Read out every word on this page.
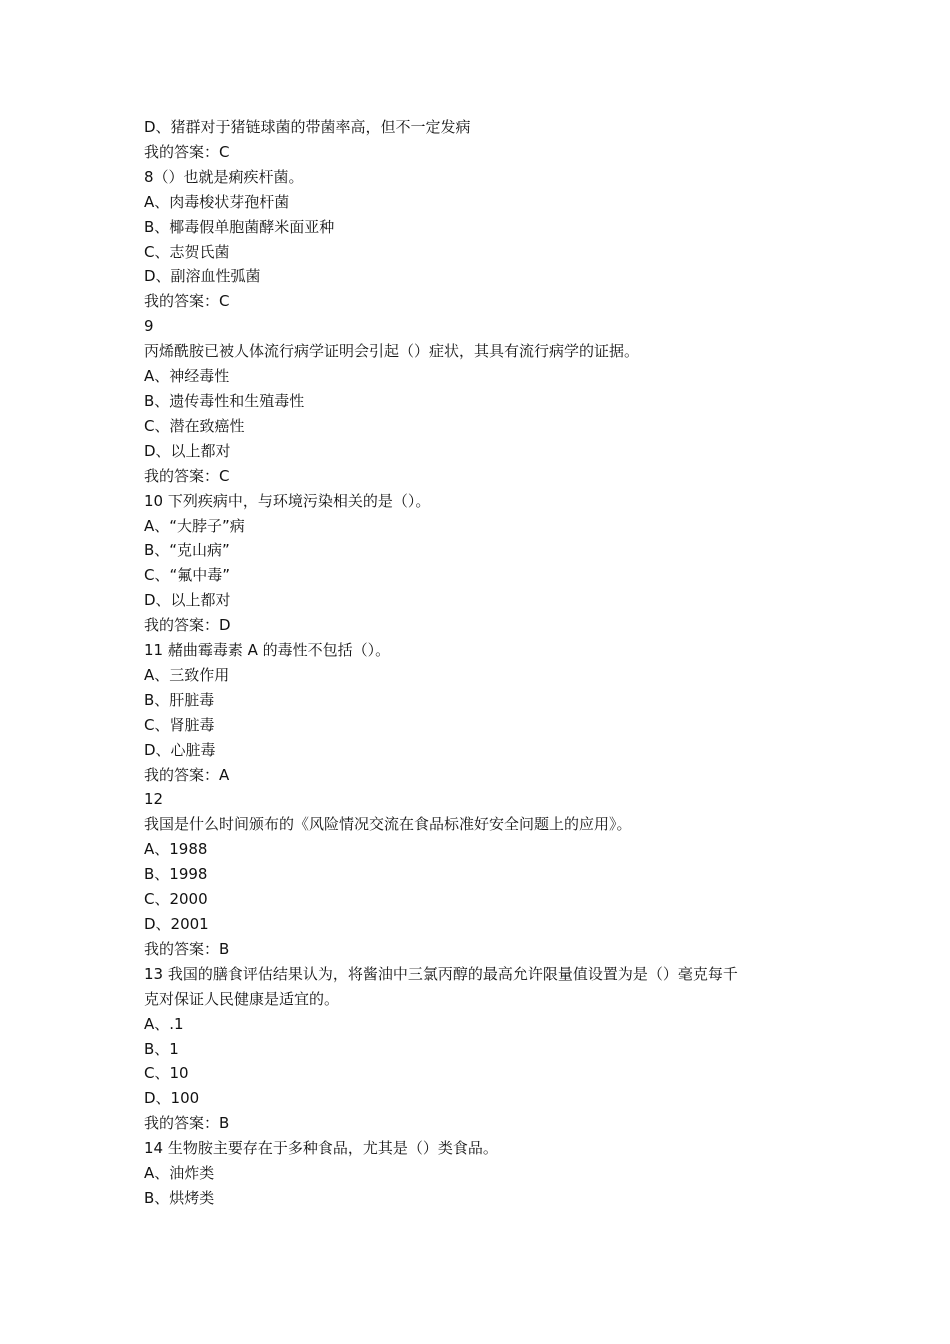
D、猪群对于猪链球菌的带菌率高，但不一定发病

我的答案：C

8（）也就是痢疾杆菌。

A、肉毒梭状芽孢杆菌

B、椰毒假单胞菌酵米面亚种

C、志贺氏菌

D、副溶血性弧菌

我的答案：C

9

丙烯酰胺已被人体流行病学证明会引起（）症状，其具有流行病学的证据。

A、神经毒性

B、遗传毒性和生殖毒性

C、潜在致癌性

D、以上都对

我的答案：C

10 下列疾病中，与环境污染相关的是（）。

A、“大脖子”病

B、“克山病”

C、“氟中毒”

D、以上都对

我的答案：D

11 赭曲霉毒素 A 的毒性不包括（）。

A、三致作用

B、肝脏毒

C、肾脏毒

D、心脏毒

我的答案：A

12

我国是什么时间颁布的《风险情况交流在食品标准好安全问题上的应用》。

A、1988

B、1998

C、2000

D、2001

我的答案：B

13 我国的膳食评估结果认为，将酱油中三氯丙醇的最高允许限量值设置为是（）毫克每千

克对保证人民健康是适宜的。

A、.1

B、1

C、10

D、100

我的答案：B

14 生物胺主要存在于多种食品，尤其是（）类食品。

A、油炸类

B、烘烤类
